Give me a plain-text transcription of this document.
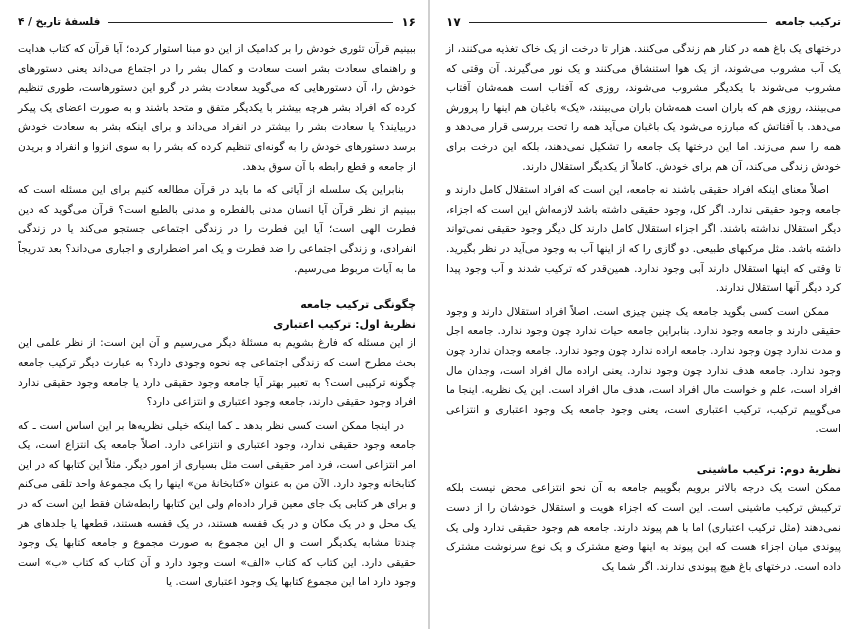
۱۶
فلسفهٔ تاریخ / ۴

ببینیم قرآن تئوری خودش را بر کدامیک از این دو مبنا استوار کرده؛ آیا قرآن که کتاب هدایت و راهنمای سعادت بشر است سعادت و کمال بشر را در اجتماع می‌داند یعنی دستورهای خودش را، آن دستورهایی که می‌گوید سعادت بشر در گرو این دستورهاست، طوری تنظیم کرده که افراد بشر هرچه بیشتر با یکدیگر متفق و متحد باشند و به صورت اعضای یک پیکر دربیایند؟ یا سعادت بشر را بیشتر در انفراد می‌داند و برای اینکه بشر به سعادت خودش برسد دستورهای خودش را به گونه‌ای تنظیم کرده که بشر را به سوی انزوا و انفراد و بریدن از جامعه و قطع رابطه با آن سوق بدهد.

بنابراین یک سلسله از آیاتی که ما باید در قرآن مطالعه کنیم برای این مسئله است که ببینیم از نظر قرآن آیا انسان مدنی بالفطره و مدنی بالطبع است؟ قرآن می‌گوید که دین فطرت الهی است؛ آیا این فطرت را در زندگی اجتماعی جستجو می‌کند یا در زندگی انفرادی، و زندگی اجتماعی را ضد فطرت و یک امر اضطراری و اجباری می‌داند؟ بعد تدریجاً ما به آیات مربوط می‌رسیم.

چگونگی ترکیب جامعه
نظریهٔ اول: ترکیب اعتباری

از این مسئله که فارغ بشویم به مسئلهٔ دیگر می‌رسیم و آن این است: از نظر علمی این بحث مطرح است که زندگی اجتماعی چه نحوه وجودی دارد؟ به عبارت دیگر ترکیب جامعه چگونه ترکیبی است؟ به تعبیر بهتر آیا جامعه وجود حقیقی دارد یا جامعه وجود حقیقی ندارد افراد وجود حقیقی دارند، جامعه وجود اعتباری و انتزاعی دارد؟

در اینجا ممکن است کسی نظر بدهد ـ کما اینکه خیلی نظریه‌ها بر این اساس است ـ که جامعه وجود حقیقی ندارد، وجود اعتباری و انتزاعی دارد. اصلاً جامعه یک انتزاع است، یک امر انتزاعی است، فرد امر حقیقی است مثل بسیاری از امور دیگر. مثلاً این کتابها که در این کتابخانه وجود دارد. الآن من به عنوان «کتابخانهٔ من» اینها را یک مجموعهٔ واحد تلقی می‌کنم و برای هر کتابی یک جای معین قرار داده‌ام ولی این کتابها رابطه‌شان فقط این است که در یک محل و در یک مکان و در یک قفسه هستند، در یک قفسه هستند، قطعها یا جلدهای هر چندتا مشابه یکدیگر است و ال این مجموع به صورت مجموع و جامعه کتابها یک وجود حقیقی دارد. این کتاب که کتاب «الف» است وجود دارد و آن کتاب که کتاب «ب» است وجود دارد اما این مجموع کتابها یک وجود اعتباری است. یا

ترکیب جامعه
۱۷

درختهای یک باغ همه در کنار هم زندگی می‌کنند. هزار تا درخت از یک خاک تغذیه می‌کنند، از یک آب مشروب می‌شوند، از یک هوا استنشاق می‌کنند و یک نور می‌گیرند. آن وقتی که مشروب می‌شوند با یکدیگر مشروب می‌شوند، روزی که آفتاب است همه‌شان آفتاب می‌بینند، روزی هم که باران است همه‌شان باران می‌بینند، «یک» باغبان هم اینها را پرورش می‌دهد. با آفتاتش که مبارزه می‌شود یک باغبان می‌آید همه را تحت بررسی قرار می‌دهد و همه را سم می‌زند. اما این درختها یک جامعه را تشکیل نمی‌دهند، بلکه این درخت برای خودش زندگی می‌کند، آن هم برای خودش. کاملاً از یکدیگر استقلال دارند.

اصلاً معنای اینکه افراد حقیقی باشند نه جامعه، این است که افراد استقلال کامل دارند و جامعه وجود حقیقی ندارد. اگر کل، وجود حقیقی داشته باشد لازمه‌اش این است که اجزاء، دیگر استقلال نداشته باشند. اگر اجزاء استقلال کامل دارند کل دیگر وجود حقیقی نمی‌تواند داشته باشد. مثل مرکبهای طبیعی. دو گازی را که از اینها آب به وجود می‌آید در نظر بگیرید. تا وقتی که اینها استقلال دارند آبی وجود ندارد. همین‌قدر که ترکیب شدند و آب وجود پیدا کرد دیگر آنها استقلال ندارند.

ممکن است کسی بگوید جامعه یک چنین چیزی است. اصلاً افراد استقلال دارند و وجود حقیقی دارند و جامعه وجود ندارد. بنابراین جامعه حیات ندارد چون وجود ندارد. جامعه اجل و مدت ندارد چون وجود ندارد. جامعه اراده ندارد چون وجود ندارد. جامعه وجدان ندارد چون وجود ندارد. جامعه هدف ندارد چون وجود ندارد. یعنی اراده مال افراد است، وجدان مال افراد است، علم و خواست مال افراد است، هدف مال افراد است. این یک نظریه. اینجا ما می‌گوییم ترکیب، ترکیب اعتباری است، یعنی وجود جامعه یک وجود اعتباری و انتزاعی است.

نظریهٔ دوم: ترکیب ماشینی

ممکن است یک درجه بالاتر برویم بگوییم جامعه به آن نحو انتزاعی محض نیست بلکه ترکیبش ترکیب ماشینی است. این است که اجزاء هویت و استقلال خودشان را از دست نمی‌دهند (مثل ترکیب اعتباری) اما با هم پیوند دارند. جامعه هم وجود حقیقی ندارد ولی یک پیوندی میان اجزاء هست که این پیوند به اینها وضع مشترک و یک نوع سرنوشت مشترک داده است. درختهای باغ هیچ پیوندی ندارند. اگر شما یک
